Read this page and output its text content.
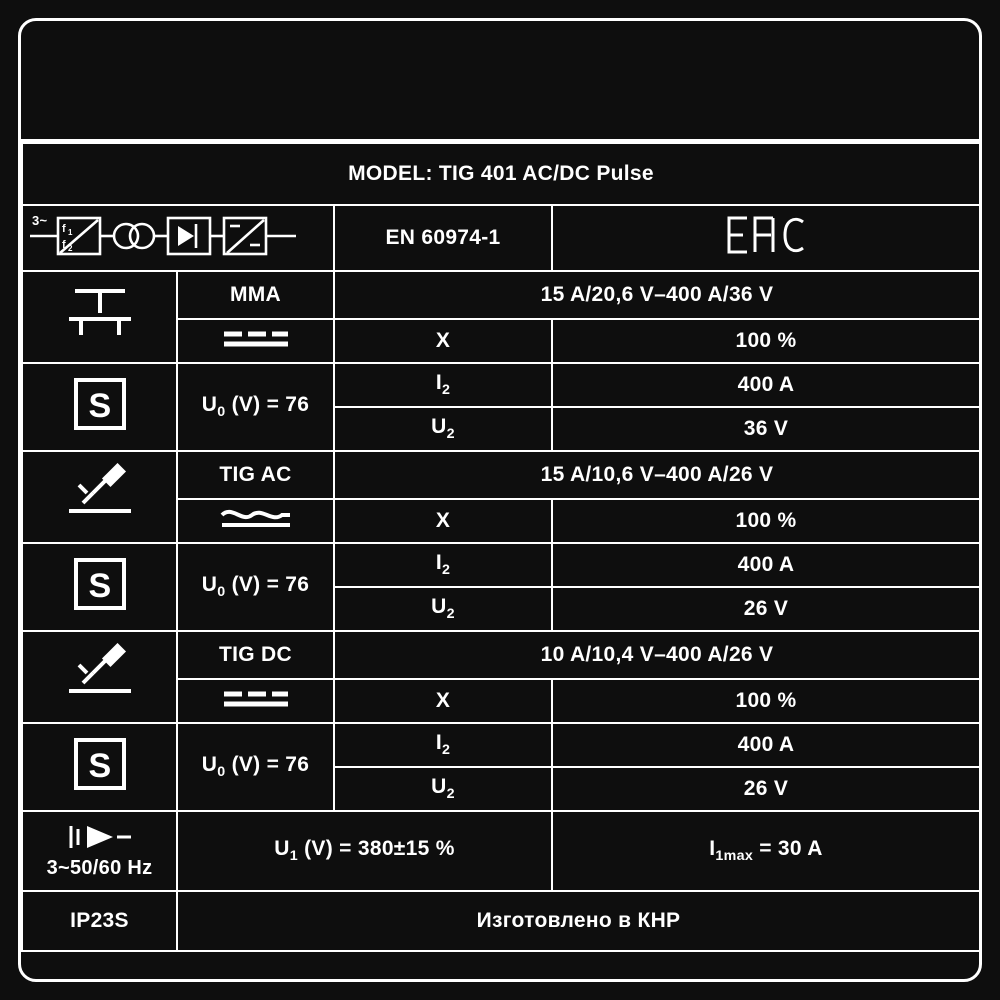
MODEL: TIG 401 AC/DC Pulse			

3~
f 1
f 2		EN 60974-1	

	MMA	15 A/20,6 V–400 A/36 V	

	X	100 %

S	$U_0$ (V) = 76	$I_2$	400 A
		$U_2$	36 V

	TIG AC	15 A/10,6 V–400 A/26 V	

	X	100 %

S	$U_0$ (V) = 76	$I_2$	400 A
		$U_2$	26 V

	TIG DC	10 A/10,4 V–400 A/26 V	

	X	100 %

S	$U_0$ (V) = 76	$I_2$	400 A
		$U_2$	26 V

3~50/60 Hz	$U_1$ (V) = 380±15 %		$I_{1max} = 30$ A
IP23S	Изготовлено в КНР		
